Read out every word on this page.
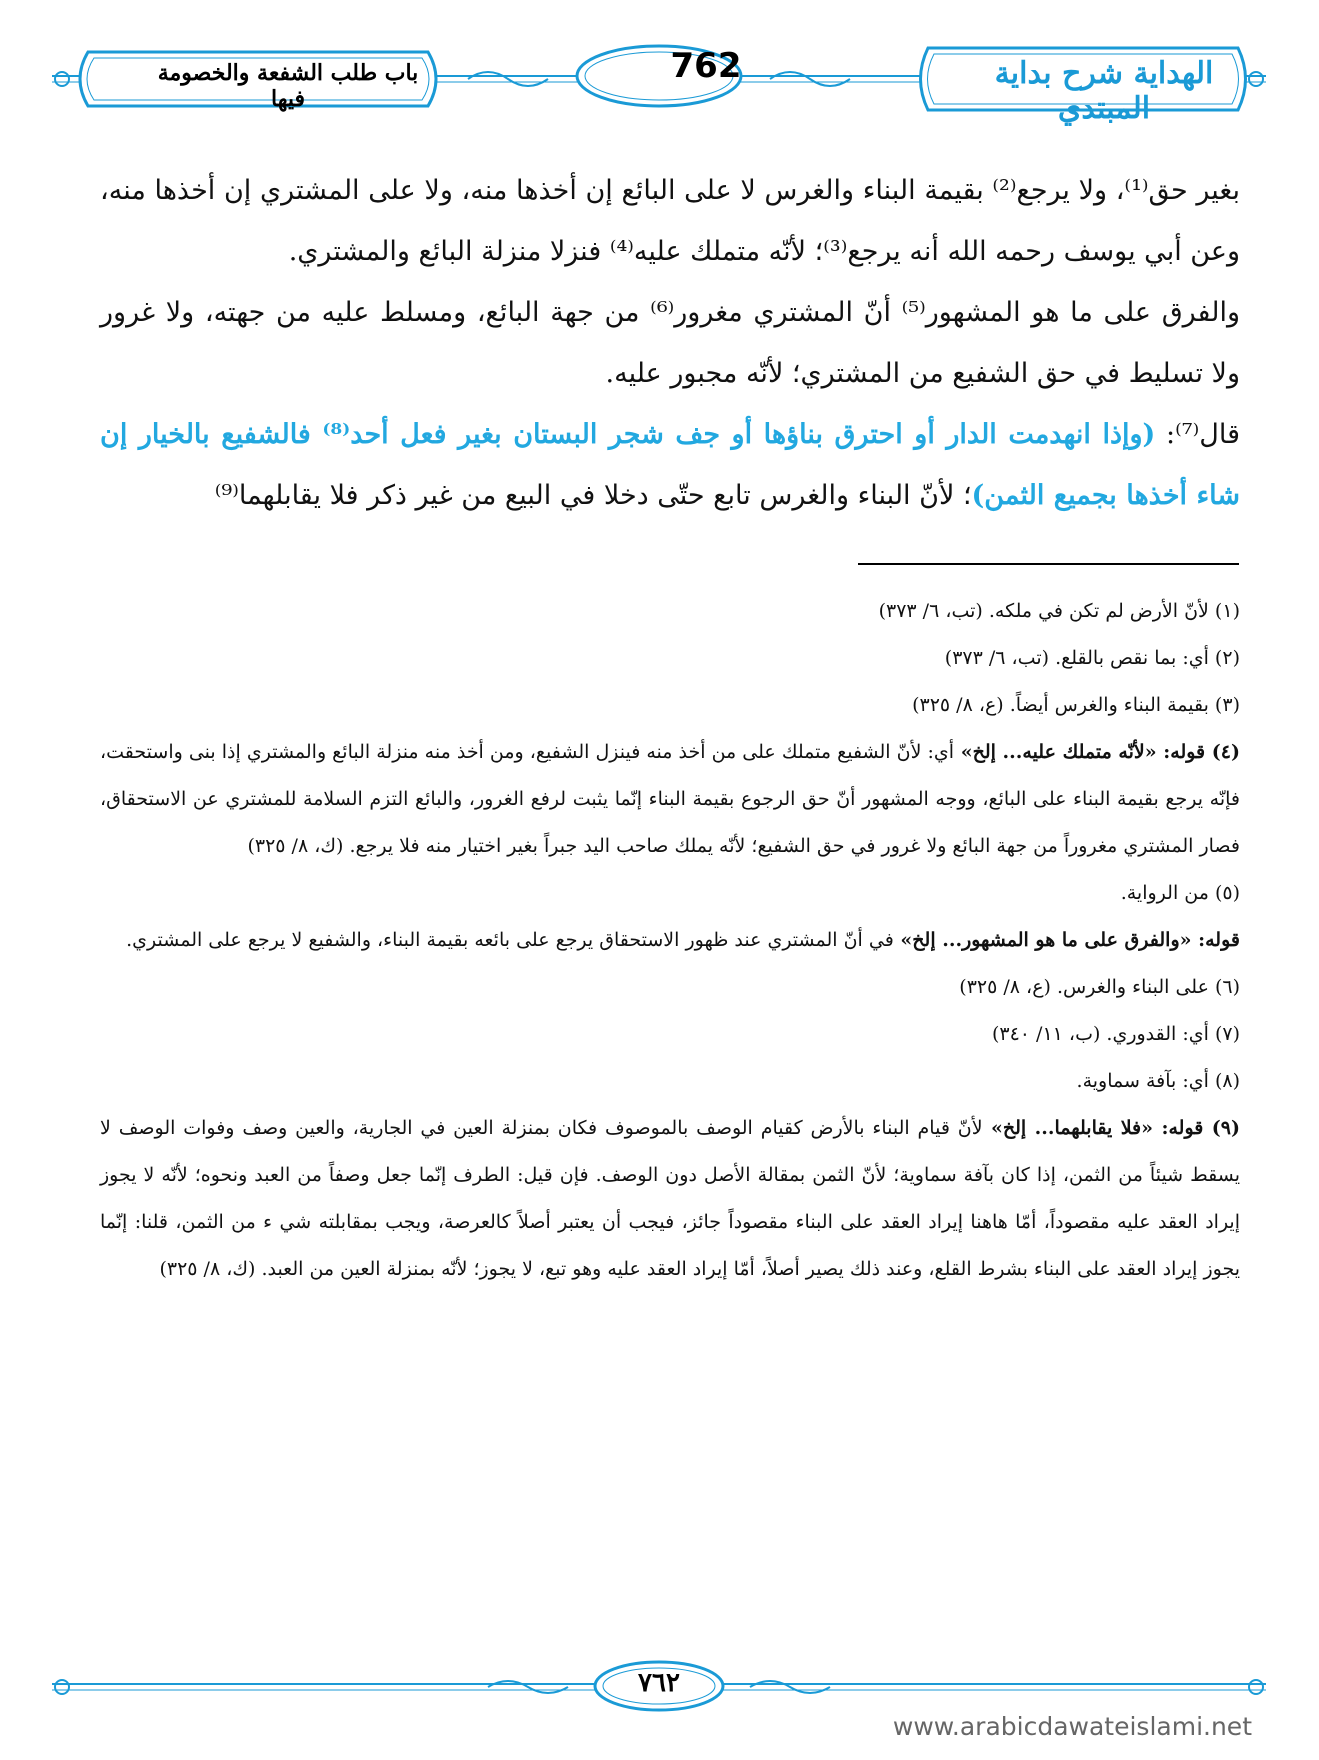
الهداية شرح بداية المبتدي
762
باب طلب الشفعة والخصومة فيها

بغير حق⁽¹⁾، ولا يرجع⁽²⁾ بقيمة البناء والغرس لا على البائع إن أخذها منه، ولا على المشتري إن أخذها منه، وعن أبي يوسف رحمه الله أنه يرجع⁽³⁾؛ لأنّه متملك عليه⁽⁴⁾ فنزلا منزلة البائع والمشتري.

والفرق على ما هو المشهور⁽⁵⁾ أنّ المشتري مغرور⁽⁶⁾ من جهة البائع، ومسلط عليه من جهته، ولا غرور ولا تسليط في حق الشفيع من المشتري؛ لأنّه مجبور عليه.

قال⁽⁷⁾: (وإذا انهدمت الدار أو احترق بناؤها أو جف شجر البستان بغير فعل أحد⁽⁸⁾ فالشفيع بالخيار إن شاء أخذها بجميع الثمن)؛ لأنّ البناء والغرس تابع حتّى دخلا في البيع من غير ذكر فلا يقابلهما⁽⁹⁾

(١) لأنّ الأرض لم تكن في ملكه. (تب، ٦/ ٣٧٣)

(٢) أي: بما نقص بالقلع. (تب، ٦/ ٣٧٣)

(٣) بقيمة البناء والغرس أيضاً. (ع، ٨/ ٣٢٥)

(٤) قوله: «لأنّه متملك عليه... إلخ» أي: لأنّ الشفيع متملك على من أخذ منه فينزل الشفيع، ومن أخذ منه منزلة البائع والمشتري إذا بنى واستحقت، فإنّه يرجع بقيمة البناء على البائع، ووجه المشهور أنّ حق الرجوع بقيمة البناء إنّما يثبت لرفع الغرور، والبائع التزم السلامة للمشتري عن الاستحقاق، فصار المشتري مغروراً من جهة البائع ولا غرور في حق الشفيع؛ لأنّه يملك صاحب اليد جبراً بغير اختيار منه فلا يرجع. (ك، ٨/ ٣٢٥)

(٥) من الرواية.

قوله: «والفرق على ما هو المشهور... إلخ» في أنّ المشتري عند ظهور الاستحقاق يرجع على بائعه بقيمة البناء، والشفيع لا يرجع على المشتري.

(٦) على البناء والغرس. (ع، ٨/ ٣٢٥)

(٧) أي: القدوري. (ب، ١١/ ٣٤٠)

(٨) أي: بآفة سماوية.

(٩) قوله: «فلا يقابلهما... إلخ» لأنّ قيام البناء بالأرض كقيام الوصف بالموصوف فكان بمنزلة العين في الجارية، والعين وصف وفوات الوصف لا يسقط شيئاً من الثمن، إذا كان بآفة سماوية؛ لأنّ الثمن بمقالة الأصل دون الوصف. فإن قيل: الطرف إنّما جعل وصفاً من العبد ونحوه؛ لأنّه لا يجوز إيراد العقد عليه مقصوداً، أمّا هاهنا إيراد العقد على البناء مقصوداً جائز، فيجب أن يعتبر أصلاً كالعرصة، ويجب بمقابلته شي ء من الثمن، قلنا: إنّما يجوز إيراد العقد على البناء بشرط القلع، وعند ذلك يصير أصلاً، أمّا إيراد العقد عليه وهو تبع، لا يجوز؛ لأنّه بمنزلة العين من العبد. (ك، ٨/ ٣٢٥)

٧٦٢
www.arabicdawateislami.net
